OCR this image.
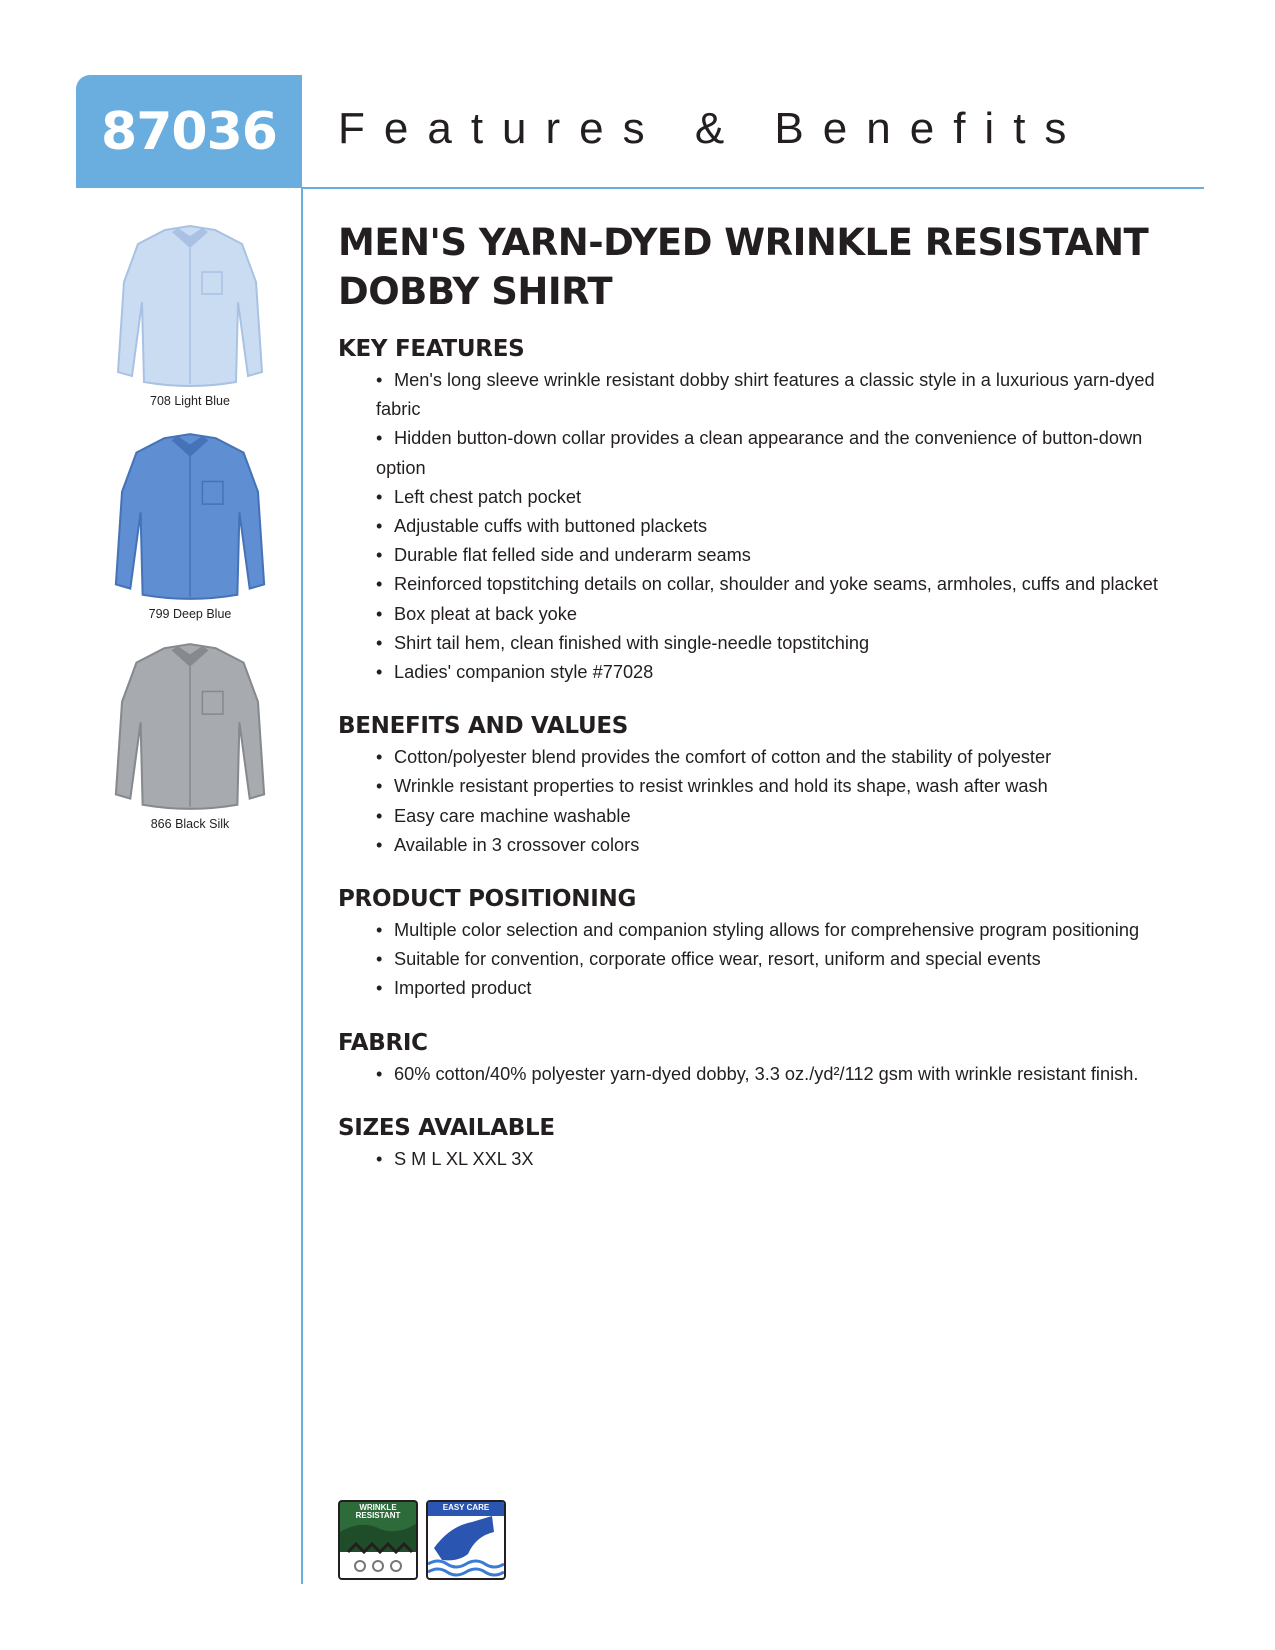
87036 Features & Benefits
708 Light Blue
799 Deep Blue
866 Black Silk
MEN'S YARN-DYED WRINKLE RESISTANT
DOBBY SHIRT
KEY FEATURES
• Men's long sleeve wrinkle resistant dobby shirt features a classic style in a luxurious yarn-dyed fabric
• Hidden button-down collar provides a clean appearance and the convenience of button-down option
• Left chest patch pocket
• Adjustable cuffs with buttoned plackets
• Durable flat felled side and underarm seams
• Reinforced topstitching details on collar, shoulder and yoke seams, armholes, cuffs and placket
• Box pleat at back yoke
• Shirt tail hem, clean finished with single-needle topstitching
• Ladies' companion style #77028
BENEFITS AND VALUES
• Cotton/polyester blend provides the comfort of cotton and the stability of polyester
• Wrinkle resistant properties to resist wrinkles and hold its shape, wash after wash
• Easy care machine washable
• Available in 3 crossover colors
PRODUCT POSITIONING
• Multiple color selection and companion styling allows for comprehensive program positioning
• Suitable for convention, corporate office wear, resort, uniform and special events
• Imported product
FABRIC
• 60% cotton/40% polyester yarn-dyed dobby, 3.3 oz./yd²/112 gsm with wrinkle resistant finish.
SIZES AVAILABLE
• S M L XL XXL 3X
WRINKLE RESISTANT
EASY CARE
